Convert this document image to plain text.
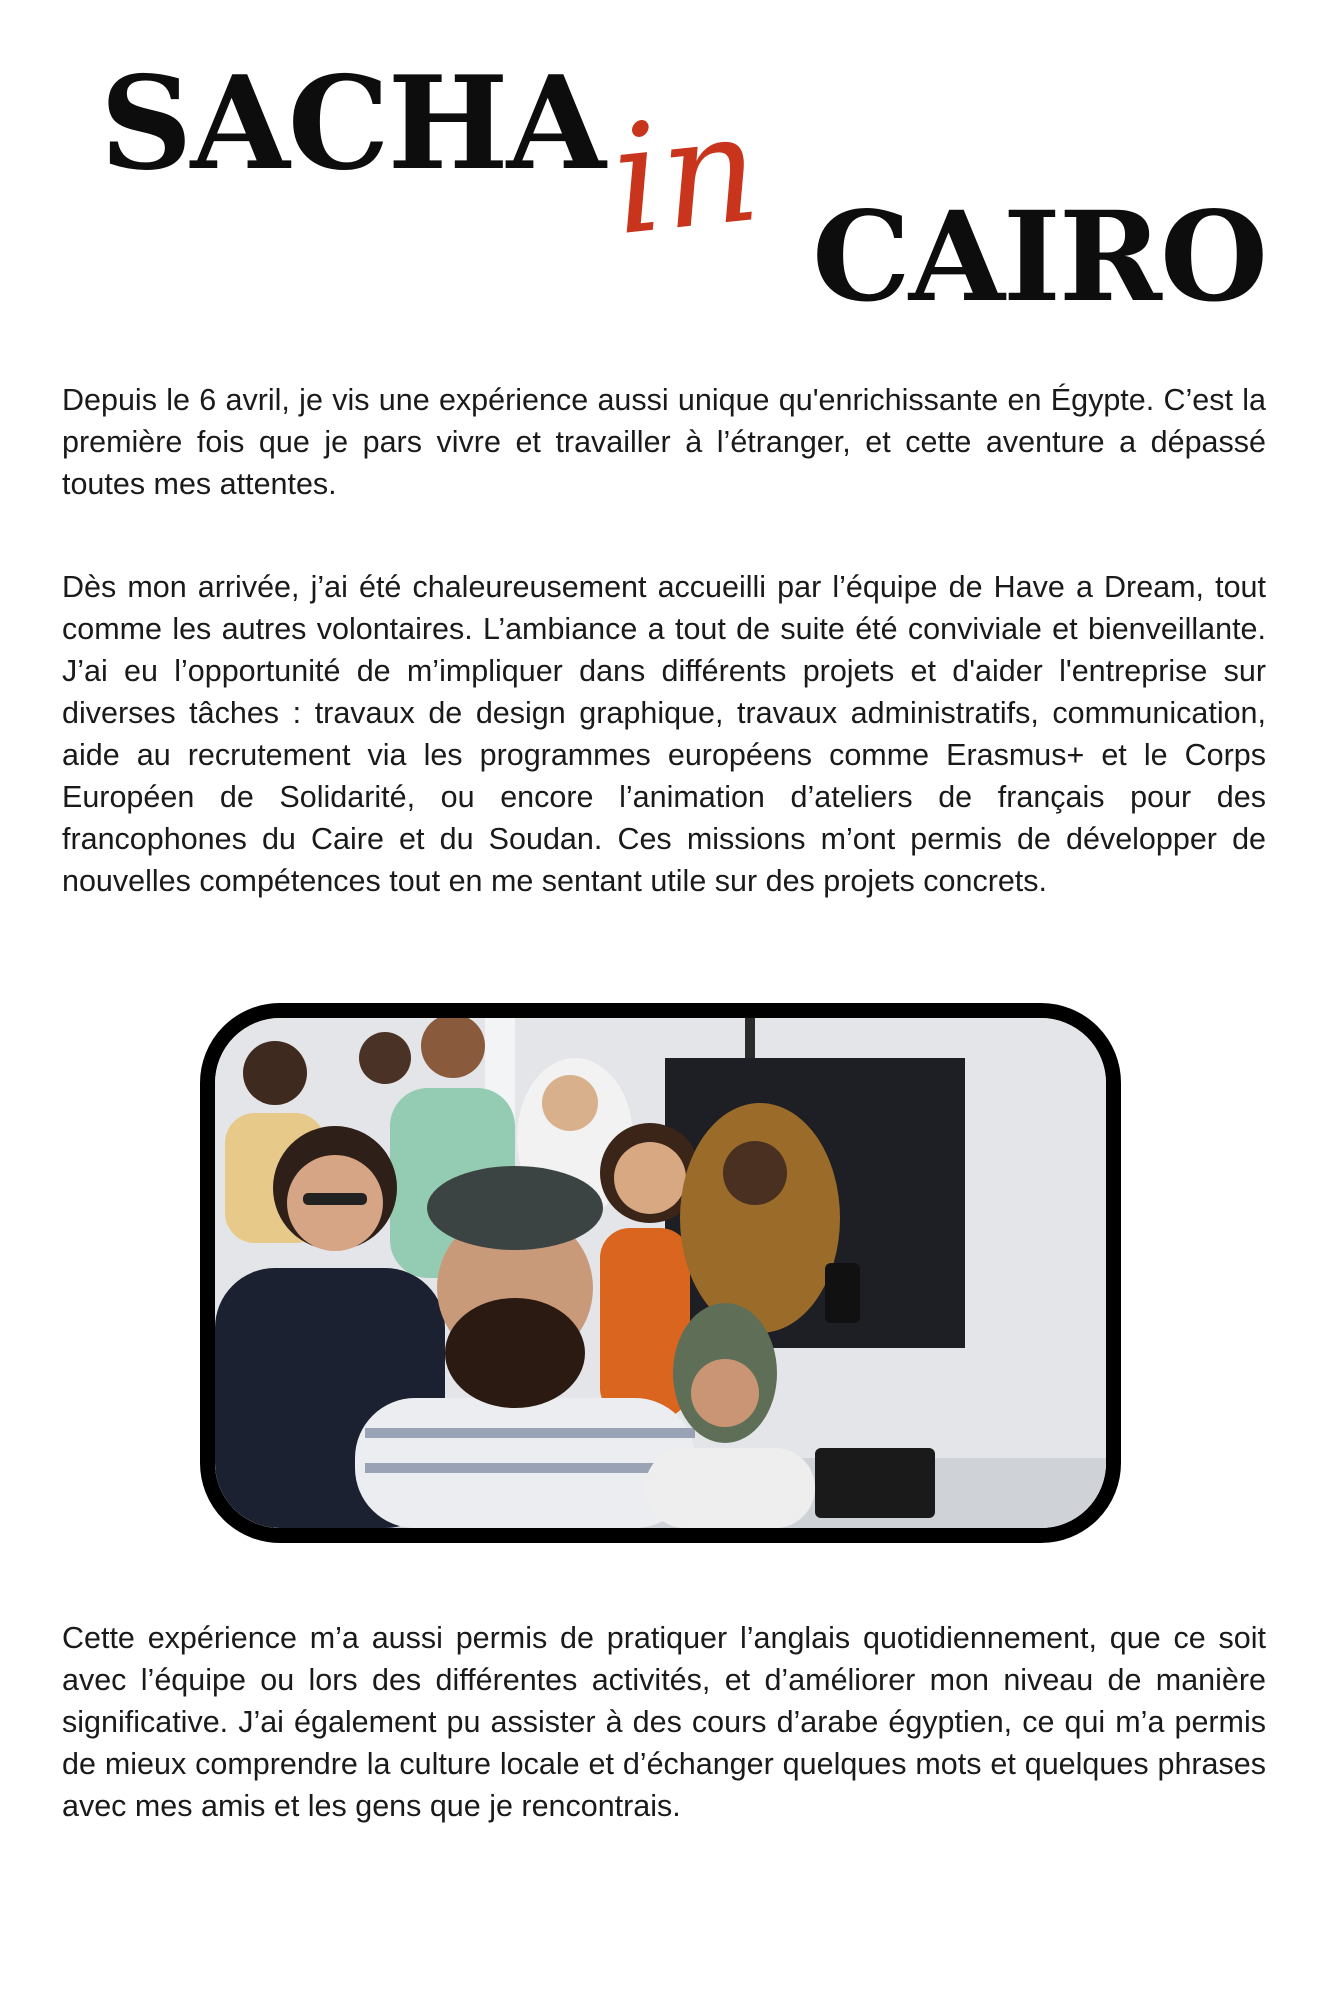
SACHA in CAIRO

Depuis le 6 avril, je vis une expérience aussi unique qu'enrichissante en Égypte. C’est la première fois que je pars vivre et travailler à l’étranger, et cette aventure a dépassé toutes mes attentes.

Dès mon arrivée, j’ai été chaleureusement accueilli par l’équipe de Have a Dream, tout comme les autres volontaires. L’ambiance a tout de suite été conviviale et bienveillante. J’ai eu l’opportunité de m’impliquer dans différents projets et d'aider l'entreprise sur diverses tâches : travaux de design graphique, travaux administratifs, communication, aide au recrutement via les programmes européens comme Erasmus+ et le Corps Européen de Solidarité, ou encore l’animation d’ateliers de français pour des francophones du Caire et du Soudan. Ces missions m’ont permis de développer de nouvelles compétences tout en me sentant utile sur des projets concrets.

Cette expérience m’a aussi permis de pratiquer l’anglais quotidiennement, que ce soit avec l’équipe ou lors des différentes activités, et d’améliorer mon niveau de manière significative. J’ai également pu assister à des cours d’arabe égyptien, ce qui m’a permis de mieux comprendre la culture locale et d’échanger quelques mots et quelques phrases avec mes amis et les gens que je rencontrais.
